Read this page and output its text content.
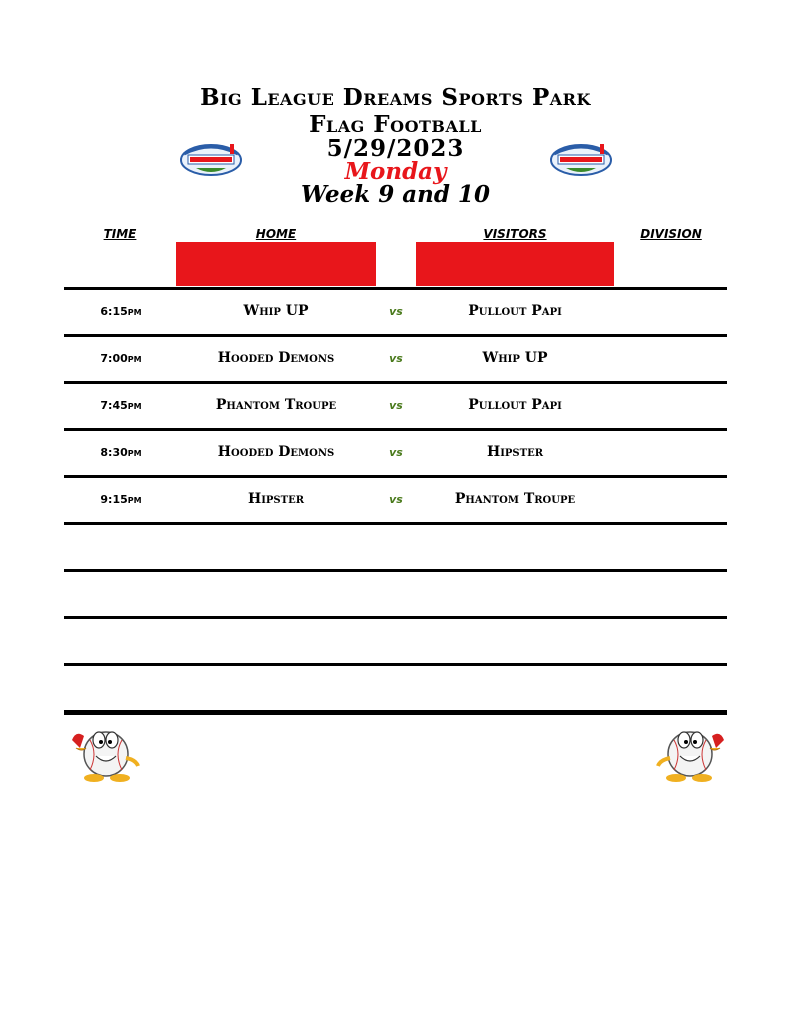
Big League Dreams Sports Park
Flag Football
5/29/2023
Monday
Week 9 and 10
TIME	HOME	VISITORS	DIVISION
6:15pm	Whip UP	vs	Pullout Papi
7:00pm	Hooded Demons	vs	Whip UP
7:45pm	Phantom Troupe	vs	Pullout Papi
8:30pm	Hooded Demons	vs	Hipster
9:15pm	Hipster	vs	Phantom Troupe
